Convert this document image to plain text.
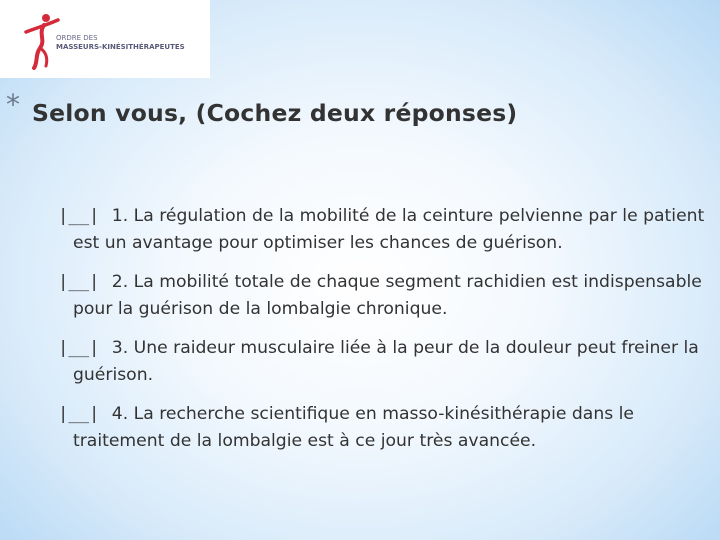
ORDRE DES
MASSEURS-KINÉSITHÉRAPEUTES
* Selon vous, (Cochez deux réponses)

|__| 1. La régulation de la mobilité de la ceinture pelvienne par le patient est un avantage pour optimiser les chances de guérison.

|__| 2. La mobilité totale de chaque segment rachidien est indispensable pour la guérison de la lombalgie chronique.

|__| 3. Une raideur musculaire liée à la peur de la douleur peut freiner la guérison.

|__| 4. La recherche scientifique en masso-kinésithérapie dans le traitement de la lombalgie est à ce jour très avancée.
